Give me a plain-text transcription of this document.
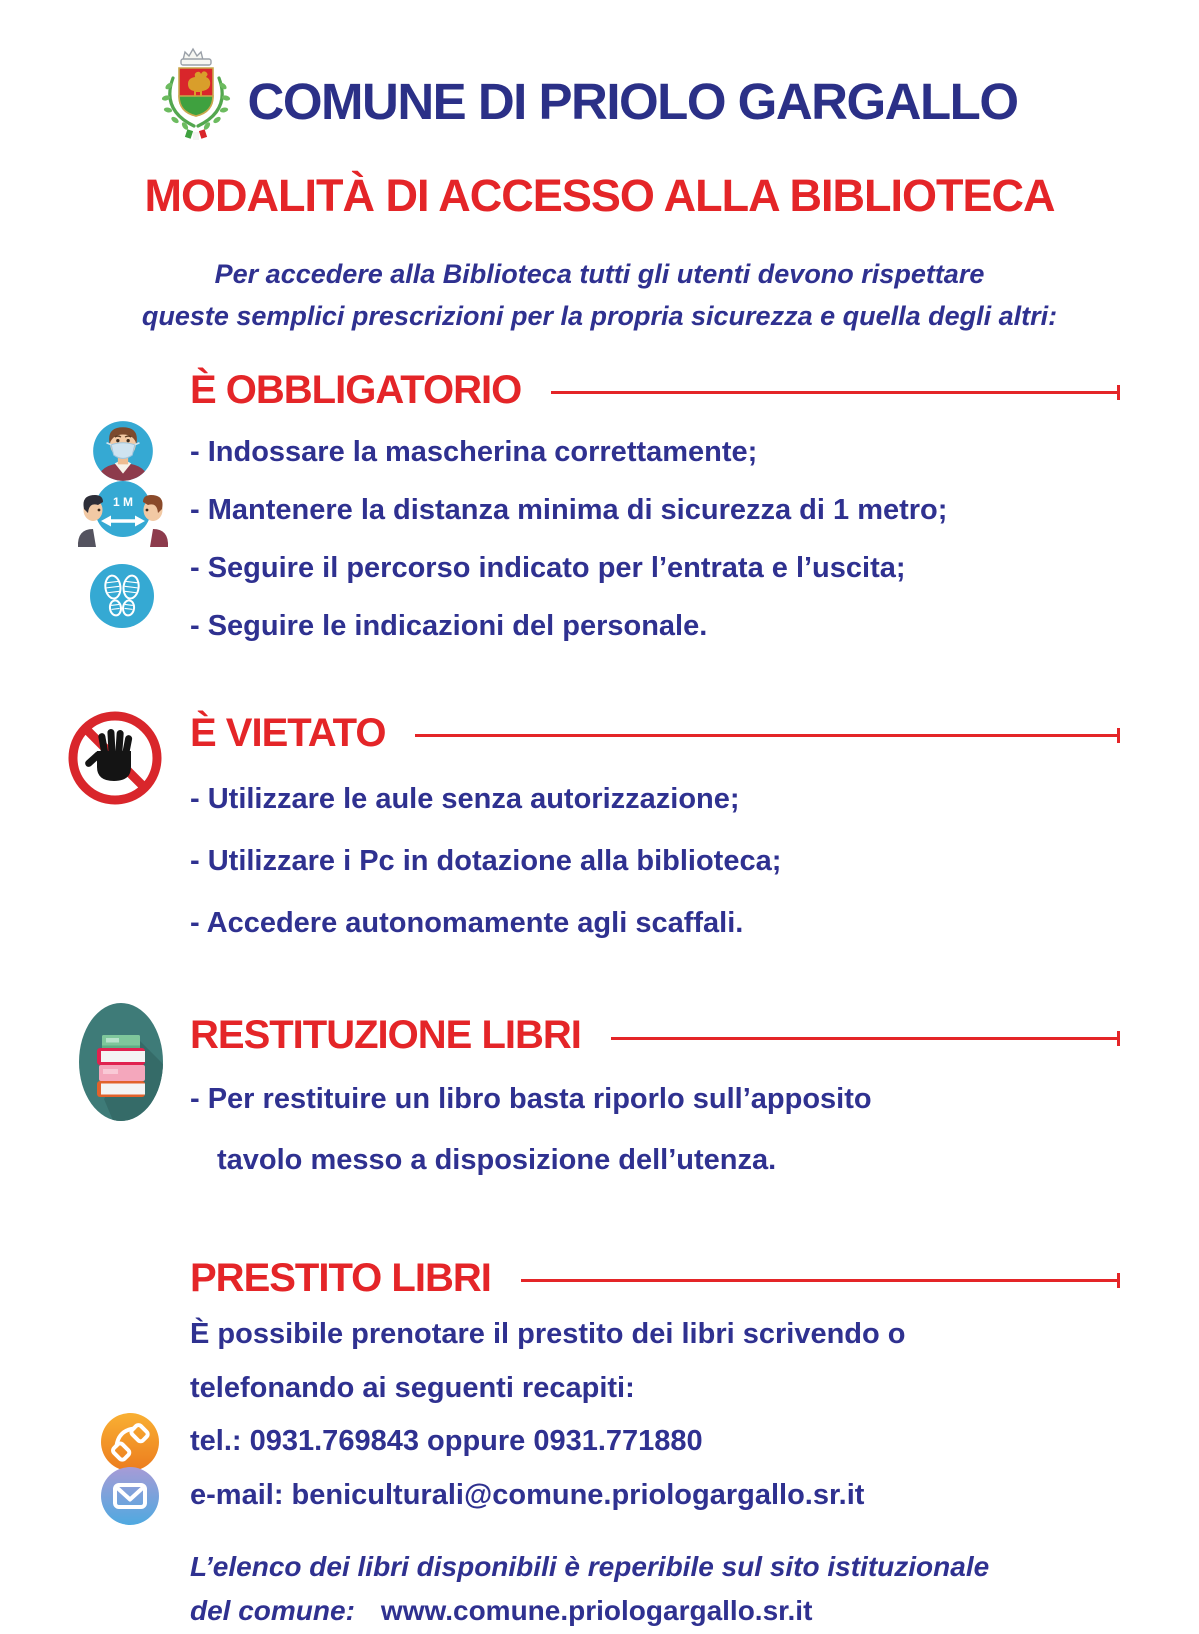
COMUNE DI PRIOLO GARGALLO
MODALITÀ DI ACCESSO ALLA BIBLIOTECA

Per accedere alla Biblioteca tutti gli utenti devono rispettare
queste semplici prescrizioni per la propria sicurezza e quella degli altri:

È OBBLIGATORIO

- Indossare la mascherina correttamente;

1 M - Mantenere la distanza minima di sicurezza di 1 metro;

- Seguire il percorso indicato per l’entrata e l’uscita;

- Seguire le indicazioni del personale.

È VIETATO

- Utilizzare le aule senza autorizzazione;

- Utilizzare i Pc in dotazione alla biblioteca;

- Accedere autonomamente agli scaffali.

RESTITUZIONE LIBRI

- Per restituire un libro basta riporlo sull’apposito

tavolo messo a disposizione dell’utenza.

PRESTITO LIBRI

È possibile prenotare il prestito dei libri scrivendo o

telefonando ai seguenti recapiti:

tel.: 0931.769843 oppure 0931.771880

e-mail: beniculturali@comune.priologargallo.sr.it

L’elenco dei libri disponibili è reperibile sul sito istituzionale
del comune: www.comune.priologargallo.sr.it
